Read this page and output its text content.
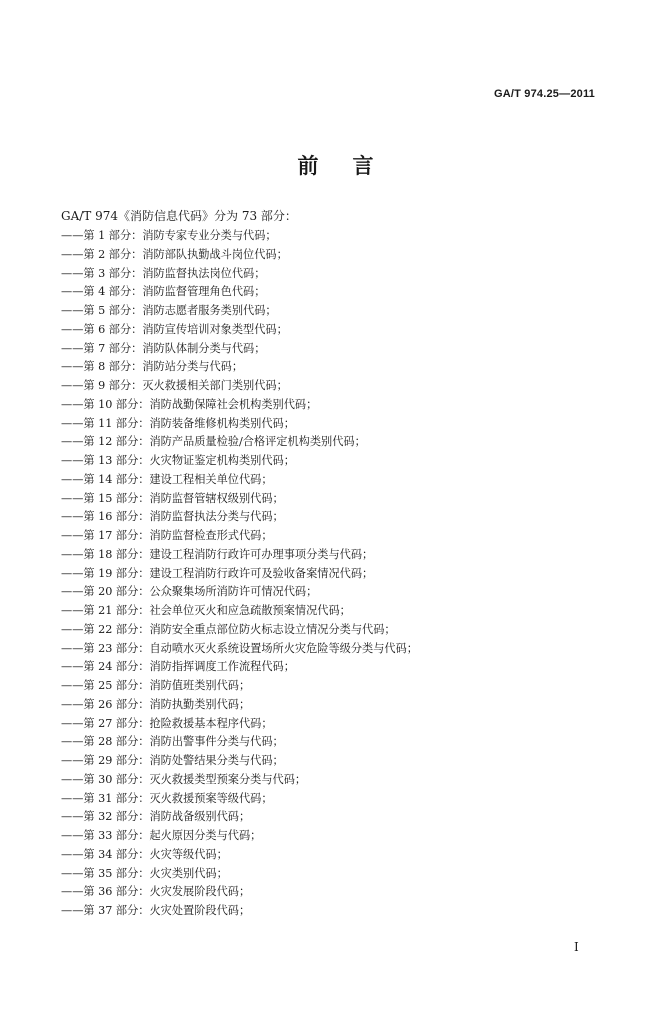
GA/T 974.25—2011
前言
GA/T 974《消防信息代码》分为 73 部分：
——第 1 部分：消防专家专业分类与代码；
——第 2 部分：消防部队执勤战斗岗位代码；
——第 3 部分：消防监督执法岗位代码；
——第 4 部分：消防监督管理角色代码；
——第 5 部分：消防志愿者服务类别代码；
——第 6 部分：消防宣传培训对象类型代码；
——第 7 部分：消防队体制分类与代码；
——第 8 部分：消防站分类与代码；
——第 9 部分：灭火救援相关部门类别代码；
——第 10 部分：消防战勤保障社会机构类别代码；
——第 11 部分：消防装备维修机构类别代码；
——第 12 部分：消防产品质量检验/合格评定机构类别代码；
——第 13 部分：火灾物证鉴定机构类别代码；
——第 14 部分：建设工程相关单位代码；
——第 15 部分：消防监督管辖权级别代码；
——第 16 部分：消防监督执法分类与代码；
——第 17 部分：消防监督检查形式代码；
——第 18 部分：建设工程消防行政许可办理事项分类与代码；
——第 19 部分：建设工程消防行政许可及验收备案情况代码；
——第 20 部分：公众聚集场所消防许可情况代码；
——第 21 部分：社会单位灭火和应急疏散预案情况代码；
——第 22 部分：消防安全重点部位防火标志设立情况分类与代码；
——第 23 部分：自动喷水灭火系统设置场所火灾危险等级分类与代码；
——第 24 部分：消防指挥调度工作流程代码；
——第 25 部分：消防值班类别代码；
——第 26 部分：消防执勤类别代码；
——第 27 部分：抢险救援基本程序代码；
——第 28 部分：消防出警事件分类与代码；
——第 29 部分：消防处警结果分类与代码；
——第 30 部分：灭火救援类型预案分类与代码；
——第 31 部分：灭火救援预案等级代码；
——第 32 部分：消防战备级别代码；
——第 33 部分：起火原因分类与代码；
——第 34 部分：火灾等级代码；
——第 35 部分：火灾类别代码；
——第 36 部分：火灾发展阶段代码；
——第 37 部分：火灾处置阶段代码；
I
